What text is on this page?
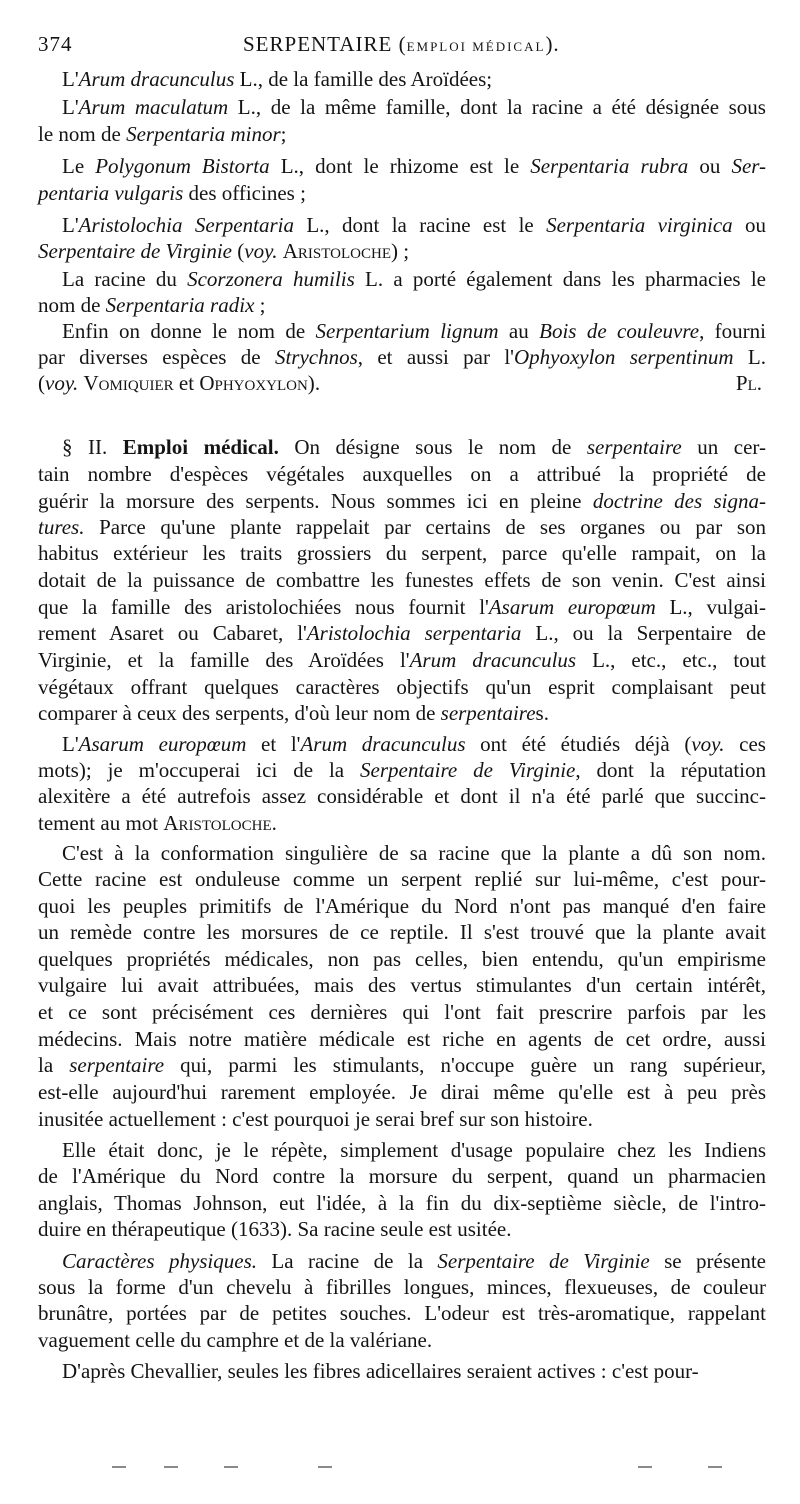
374	SERPENTAIRE (EMPLOI MÉDICAL).
L'Arum dracunculus L., de la famille des Aroïdées;
L'Arum maculatum L., de la même famille, dont la racine a été désignée sous
le nom de Serpentaria minor;
Le Polygonum Bistorta L., dont le rhizome est le Serpentaria rubra ou Ser-
pentaria vulgaris des officines ;
L'Aristolochia Serpentaria L., dont la racine est le Serpentaria virginica ou
Serpentaire de Virginie (voy. Aristoloche) ;
La racine du Scorzonera humilis L. a porté également dans les pharmacies le
nom de Serpentaria radix ;
Enfin on donne le nom de Serpentarium lignum au Bois de couleuvre, fourni
par diverses espèces de Strychnos, et aussi par l'Ophyoxylon serpentinum L.
(voy. Vomiquier et Ophyoxylon).
§ II. Emploi médical. On désigne sous le nom de serpentaire un cer-
tain nombre d'espèces végétales auxquelles on a attribué la propriété de
guérir la morsure des serpents. Nous sommes ici en pleine doctrine des signa-
tures. Parce qu'une plante rappelait par certains de ses organes ou par son
habitus extérieur les traits grossiers du serpent, parce qu'elle rampait, on la
dotait de la puissance de combattre les funestes effets de son venin. C'est ainsi
que la famille des aristolochiées nous fournit l'Asarum europœum L., vulgai-
rement Asaret ou Cabaret, l'Aristolochia serpentaria L., ou la Serpentaire de
Virginie, et la famille des Aroïdées l'Arum dracunculus L., etc., etc., tout
végétaux offrant quelques caractères objectifs qu'un esprit complaisant peut
comparer à ceux des serpents, d'où leur nom de serpentaires.
L'Asarum europœum et l'Arum dracunculus ont été étudiés déjà (voy. ces
mots); je m'occuperai ici de la Serpentaire de Virginie, dont la réputation
alexitère a été autrefois assez considérable et dont il n'a été parlé que succinc-
tement au mot Aristoloche.
C'est à la conformation singulière de sa racine que la plante a dû son nom.
Cette racine est onduleuse comme un serpent replié sur lui-même, c'est pour-
quoi les peuples primitifs de l'Amérique du Nord n'ont pas manqué d'en faire
un remède contre les morsures de ce reptile. Il s'est trouvé que la plante avait
quelques propriétés médicales, non pas celles, bien entendu, qu'un empirisme
vulgaire lui avait attribuées, mais des vertus stimulantes d'un certain intérêt,
et ce sont précisément ces dernières qui l'ont fait prescrire parfois par les
médecins. Mais notre matière médicale est riche en agents de cet ordre, aussi
la serpentaire qui, parmi les stimulants, n'occupe guère un rang supérieur,
est-elle aujourd'hui rarement employée. Je dirai même qu'elle est à peu près
inusitée actuellement : c'est pourquoi je serai bref sur son histoire.
Elle était donc, je le répète, simplement d'usage populaire chez les Indiens
de l'Amérique du Nord contre la morsure du serpent, quand un pharmacien
anglais, Thomas Johnson, eut l'idée, à la fin du dix-septième siècle, de l'intro-
duire en thérapeutique (1633). Sa racine seule est usitée.
Caractères physiques. La racine de la Serpentaire de Virginie se présente
sous la forme d'un chevelu à fibrilles longues, minces, flexueuses, de couleur
brunâtre, portées par de petites souches. L'odeur est très-aromatique, rappelant
vaguement celle du camphre et de la valériane.
D'après Chevallier, seules les fibres adicellaires seraient actives : c'est pour-
Pl.
